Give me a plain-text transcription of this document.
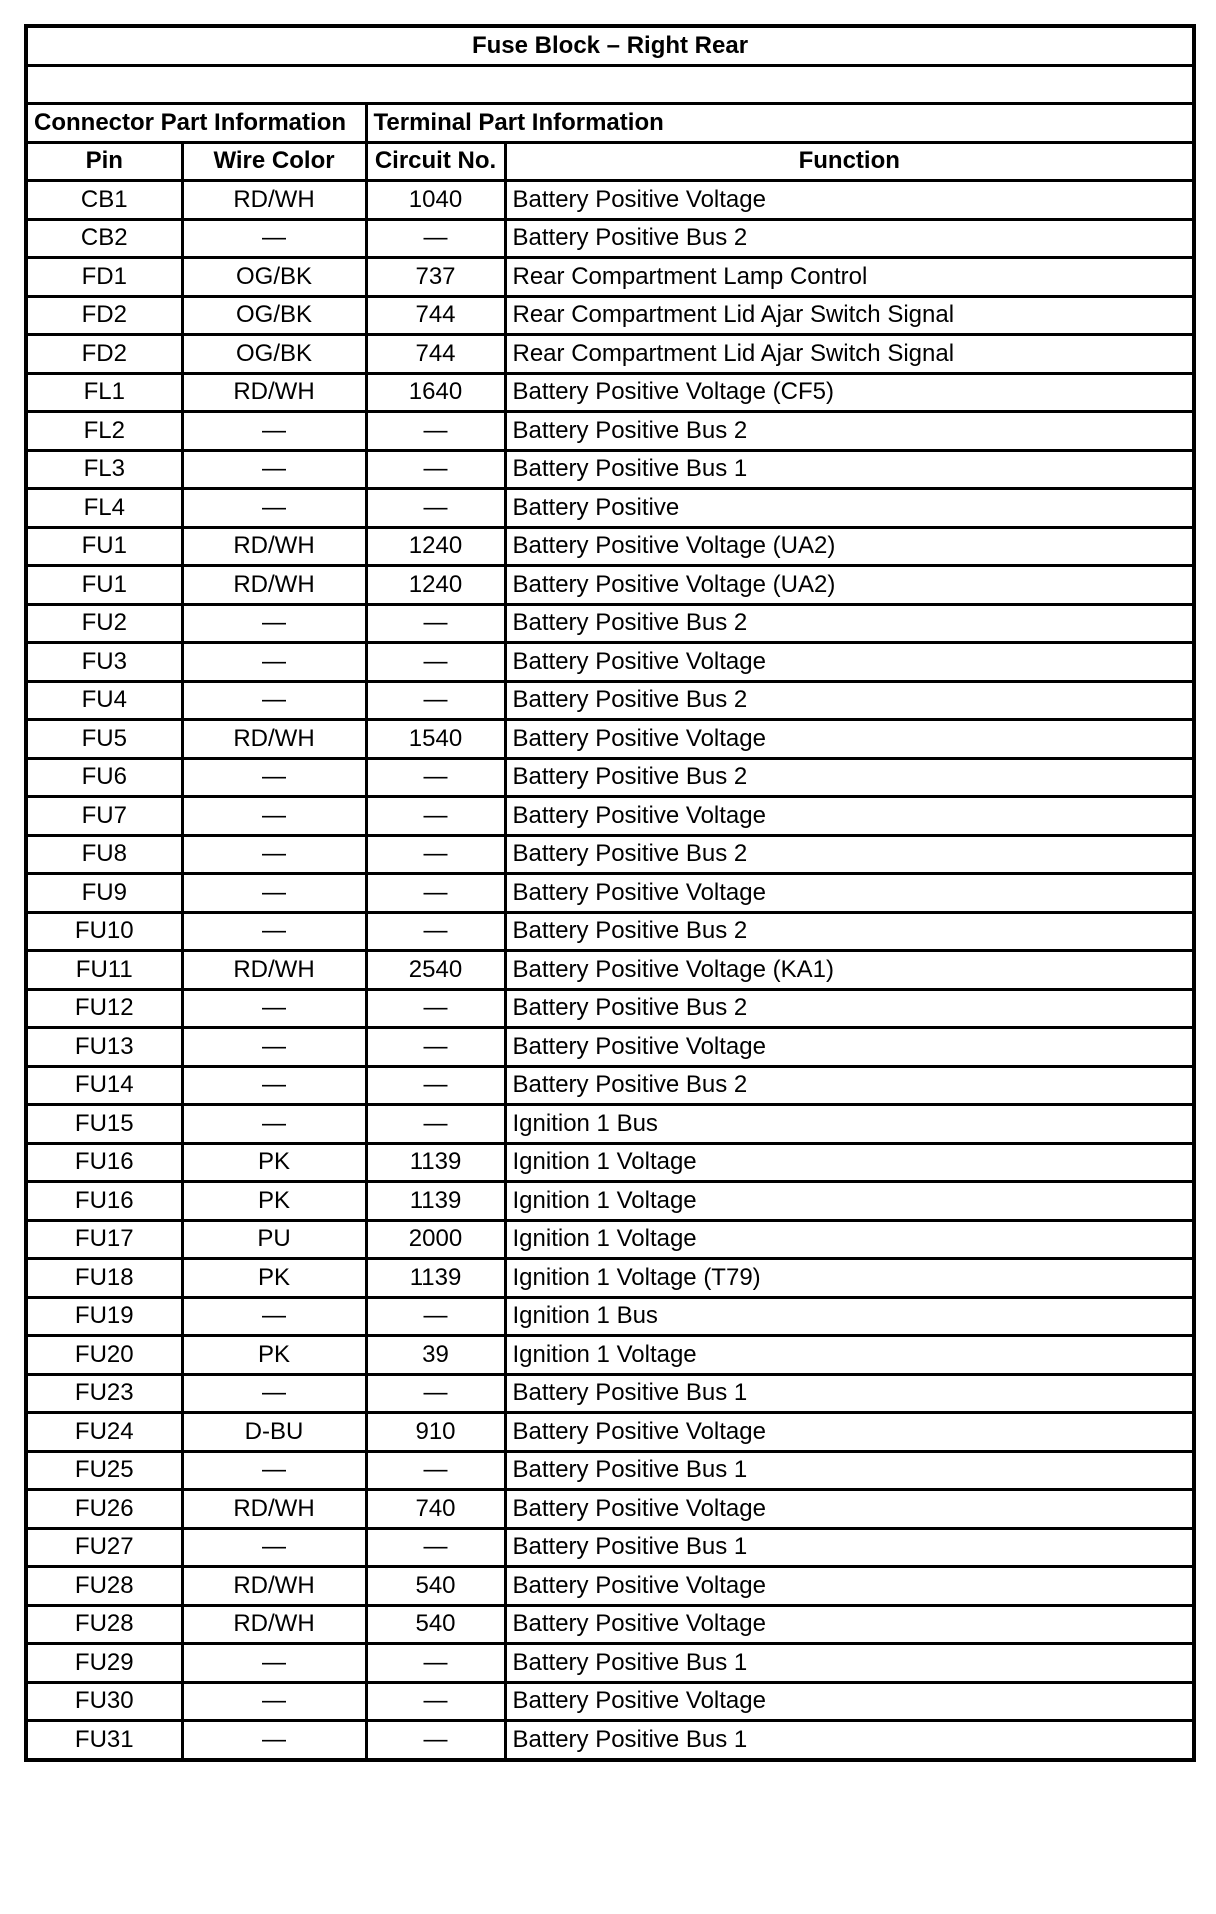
Fuse Block – Right Rear			

Connector Part Information		Terminal Part Information	
Pin	Wire Color	Circuit No.	Function
CB1	RD/WH	1040	Battery Positive Voltage
CB2	—	—	Battery Positive Bus 2
FD1	OG/BK	737	Rear Compartment Lamp Control
FD2	OG/BK	744	Rear Compartment Lid Ajar Switch Signal
FD2	OG/BK	744	Rear Compartment Lid Ajar Switch Signal
FL1	RD/WH	1640	Battery Positive Voltage (CF5)
FL2	—	—	Battery Positive Bus 2
FL3	—	—	Battery Positive Bus 1
FL4	—	—	Battery Positive
FU1	RD/WH	1240	Battery Positive Voltage (UA2)
FU1	RD/WH	1240	Battery Positive Voltage (UA2)
FU2	—	—	Battery Positive Bus 2
FU3	—	—	Battery Positive Voltage
FU4	—	—	Battery Positive Bus 2
FU5	RD/WH	1540	Battery Positive Voltage
FU6	—	—	Battery Positive Bus 2
FU7	—	—	Battery Positive Voltage
FU8	—	—	Battery Positive Bus 2
FU9	—	—	Battery Positive Voltage
FU10	—	—	Battery Positive Bus 2
FU11	RD/WH	2540	Battery Positive Voltage (KA1)
FU12	—	—	Battery Positive Bus 2
FU13	—	—	Battery Positive Voltage
FU14	—	—	Battery Positive Bus 2
FU15	—	—	Ignition 1 Bus
FU16	PK	1139	Ignition 1 Voltage
FU16	PK	1139	Ignition 1 Voltage
FU17	PU	2000	Ignition 1 Voltage
FU18	PK	1139	Ignition 1 Voltage (T79)
FU19	—	—	Ignition 1 Bus
FU20	PK	39	Ignition 1 Voltage
FU23	—	—	Battery Positive Bus 1
FU24	D-BU	910	Battery Positive Voltage
FU25	—	—	Battery Positive Bus 1
FU26	RD/WH	740	Battery Positive Voltage
FU27	—	—	Battery Positive Bus 1
FU28	RD/WH	540	Battery Positive Voltage
FU28	RD/WH	540	Battery Positive Voltage
FU29	—	—	Battery Positive Bus 1
FU30	—	—	Battery Positive Voltage
FU31	—	—	Battery Positive Bus 1
